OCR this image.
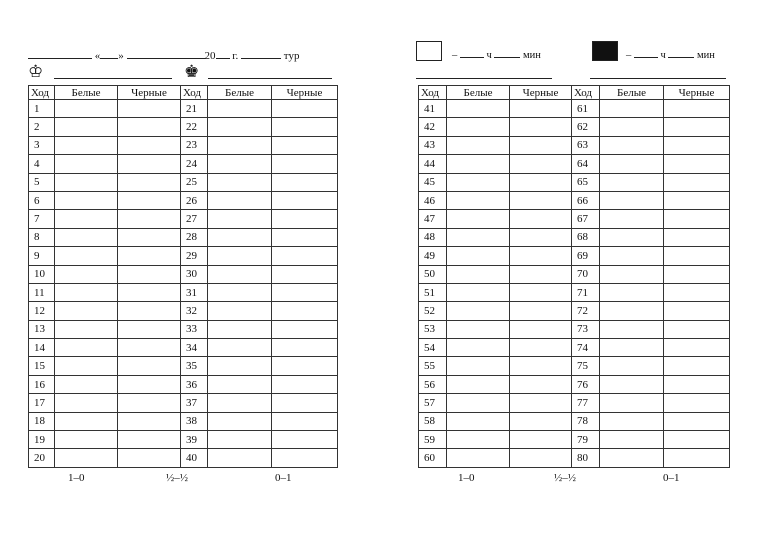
« »	20 г.	тур
♔	♚
Ход	Белые	Черные	Ход	Белые	Черные
1			21		
2			22		
3			23		
4			24		
5			25		
6			26		
7			27		
8			28		
9			29		
10			30		
11			31		
12			32		
13			33		
14			34		
15			35		
16			36		
17			37		
18			38		
19			39		
20			40		
1–0	½–½	0–1
–	ч	мин	–	ч	мин
Ход	Белые	Черные	Ход	Белые	Черные
41			61		
42			62		
43			63		
44			64		
45			65		
46			66		
47			67		
48			68		
49			69		
50			70		
51			71		
52			72		
53			73		
54			74		
55			75		
56			76		
57			77		
58			78		
59			79		
60			80		
1–0	½–½	0–1
